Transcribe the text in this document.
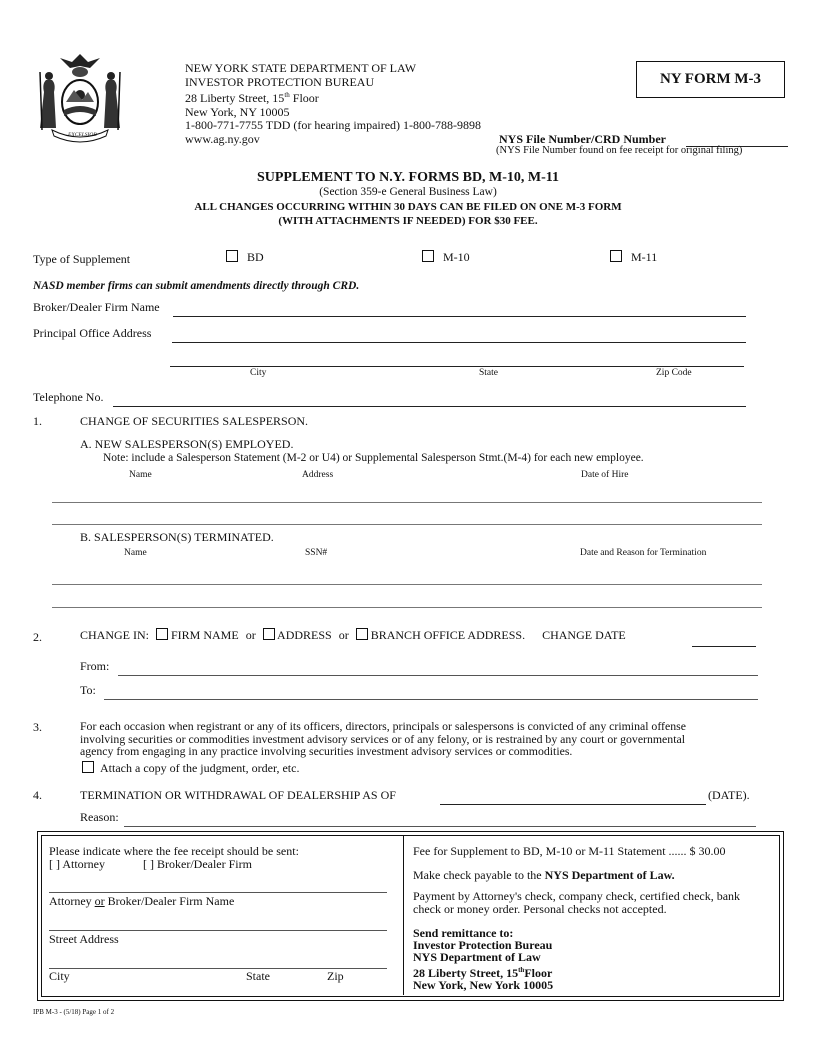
EXCELSIOR
NEW YORK STATE DEPARTMENT OF LAW
INVESTOR PROTECTION BUREAU
28 Liberty Street, 15th Floor
New York, NY 10005
1-800-771-7755 TDD (for hearing impaired) 1-800-788-9898
www.ag.ny.gov
NY FORM M-3
NYS File Number/CRD Number
(NYS File Number found on fee receipt for original filing)
SUPPLEMENT TO N.Y. FORMS BD, M-10, M-11
(Section 359-e General Business Law)
ALL CHANGES OCCURRING WITHIN 30 DAYS CAN BE FILED ON ONE M-3 FORM
(WITH ATTACHMENTS IF NEEDED) FOR $30 FEE.
Type of Supplement	BD	M-10	M-11
NASD member firms can submit amendments directly through CRD.
Broker/Dealer Firm Name
Principal Office Address
City	State	Zip Code
Telephone No.
1.	CHANGE OF SECURITIES SALESPERSON.
A. NEW SALESPERSON(S) EMPLOYED.
Note: include a Salesperson Statement (M-2 or U4) or Supplemental Salesperson Stmt.(M-4) for each new employee.
Name	Address	Date of Hire
B. SALESPERSON(S) TERMINATED.
Name	SSN#	Date and Reason for Termination
2.	CHANGE IN: FIRM NAME or ADDRESS or BRANCH OFFICE ADDRESS. CHANGE DATE
From:
To:
3.	For each occasion when registrant or any of its officers, directors, principals or salespersons is convicted of any criminal offense
involving securities or commodities investment advisory services or of any felony, or is restrained by any court or governmental
agency from engaging in any practice involving securities investment advisory services or commodities.
Attach a copy of the judgment, order, etc.
4.	TERMINATION OR WITHDRAWAL OF DEALERSHIP AS OF	(DATE).
Reason:
Please indicate where the fee receipt should be sent:
[ ] Attorney	[ ] Broker/Dealer Firm
Attorney or Broker/Dealer Firm Name
Street Address
City	State	Zip
Fee for Supplement to BD, M-10 or M-11 Statement ...... $ 30.00
Make check payable to the NYS Department of Law.
Payment by Attorney's check, company check, certified check, bank
check or money order. Personal checks not accepted.
Send remittance to:
Investor Protection Bureau
NYS Department of Law
28 Liberty Street, 15thFloor
New York, New York 10005
IPB M-3 - (5/18) Page 1 of 2
